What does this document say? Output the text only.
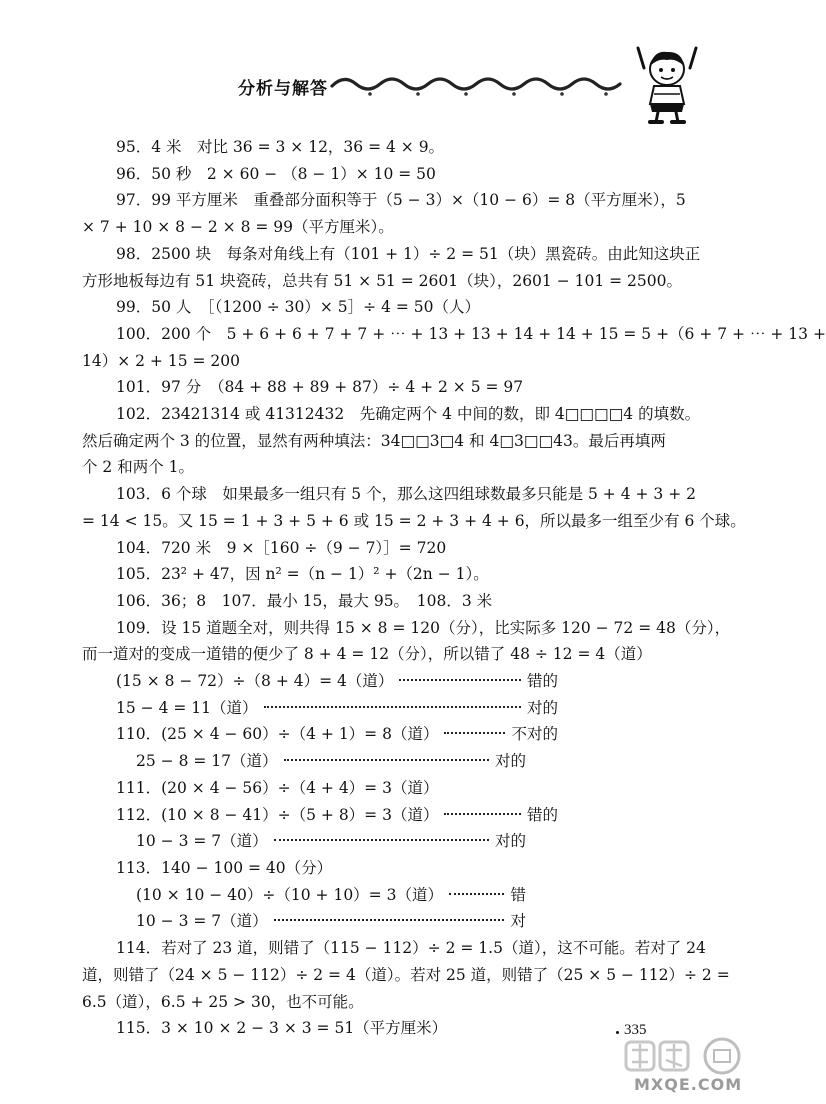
分析与解答

95．4 米　对比 36 = 3 × 12，36 = 4 × 9。

96．50 秒　2 × 60 − （8 − 1）× 10 = 50

97．99 平方厘米　重叠部分面积等于（5 − 3）×（10 − 6）= 8（平方厘米），5

× 7 + 10 × 8 − 2 × 8 = 99（平方厘米）。

98．2500 块　每条对角线上有（101 + 1）÷ 2 = 51（块）黑瓷砖。由此知这块正

方形地板每边有 51 块瓷砖，总共有 51 × 51 = 2601（块），2601 − 101 = 2500。

99．50 人　［（1200 ÷ 30）× 5］÷ 4 = 50（人）

100．200 个　5 + 6 + 6 + 7 + 7 + ⋯ + 13 + 13 + 14 + 14 + 15 = 5 +（6 + 7 + ⋯ + 13 +

14）× 2 + 15 = 200

101．97 分　（84 + 88 + 89 + 87）÷ 4 + 2 × 5 = 97

102．23421314 或 41312432　先确定两个 4 中间的数，即 4□□□□4 的填数。

然后确定两个 3 的位置，显然有两种填法：34□□3□4 和 4□3□□43。最后再填两

个 2 和两个 1。

103．6 个球　如果最多一组只有 5 个，那么这四组球数最多只能是 5 + 4 + 3 + 2

= 14 < 15。又 15 = 1 + 3 + 5 + 6 或 15 = 2 + 3 + 4 + 6，所以最多一组至少有 6 个球。

104．720 米　9 ×［160 ÷（9 − 7）］= 720

105．23² + 47，因 n² =（n − 1）² +（2n − 1）。

106．36；8　107．最小 15，最大 95。　108．3 米

109．设 15 道题全对，则共得 15 × 8 = 120（分），比实际多 120 − 72 = 48（分），

而一道对的变成一道错的便少了 8 + 4 = 12（分），所以错了 48 ÷ 12 = 4（道）

(15 × 8 − 72）÷（8 + 4）= 4（道）	错的
15 − 4 = 11（道）	对的
110．(25 × 4 − 60）÷（4 + 1）= 8（道）	不对的
25 − 8 = 17（道）	对的

111．(20 × 4 − 56）÷（4 + 4）= 3（道）

112．(10 × 8 − 41）÷（5 + 8）= 3（道）	错的
10 − 3 = 7（道）	对的

113．140 − 100 = 40（分）

(10 × 10 − 40）÷（10 + 10）= 3（道）	错
10 − 3 = 7（道）	对

114．若对了 23 道，则错了（115 − 112）÷ 2 = 1.5（道），这不可能。若对了 24

道，则错了（24 × 5 − 112）÷ 2 = 4（道）。若对 25 道，则错了（25 × 5 − 112）÷ 2 =

6.5（道），6.5 + 25 > 30，也不可能。

115．3 × 10 × 2 − 3 × 3 = 51（平方厘米）	335
MXQE.COM
